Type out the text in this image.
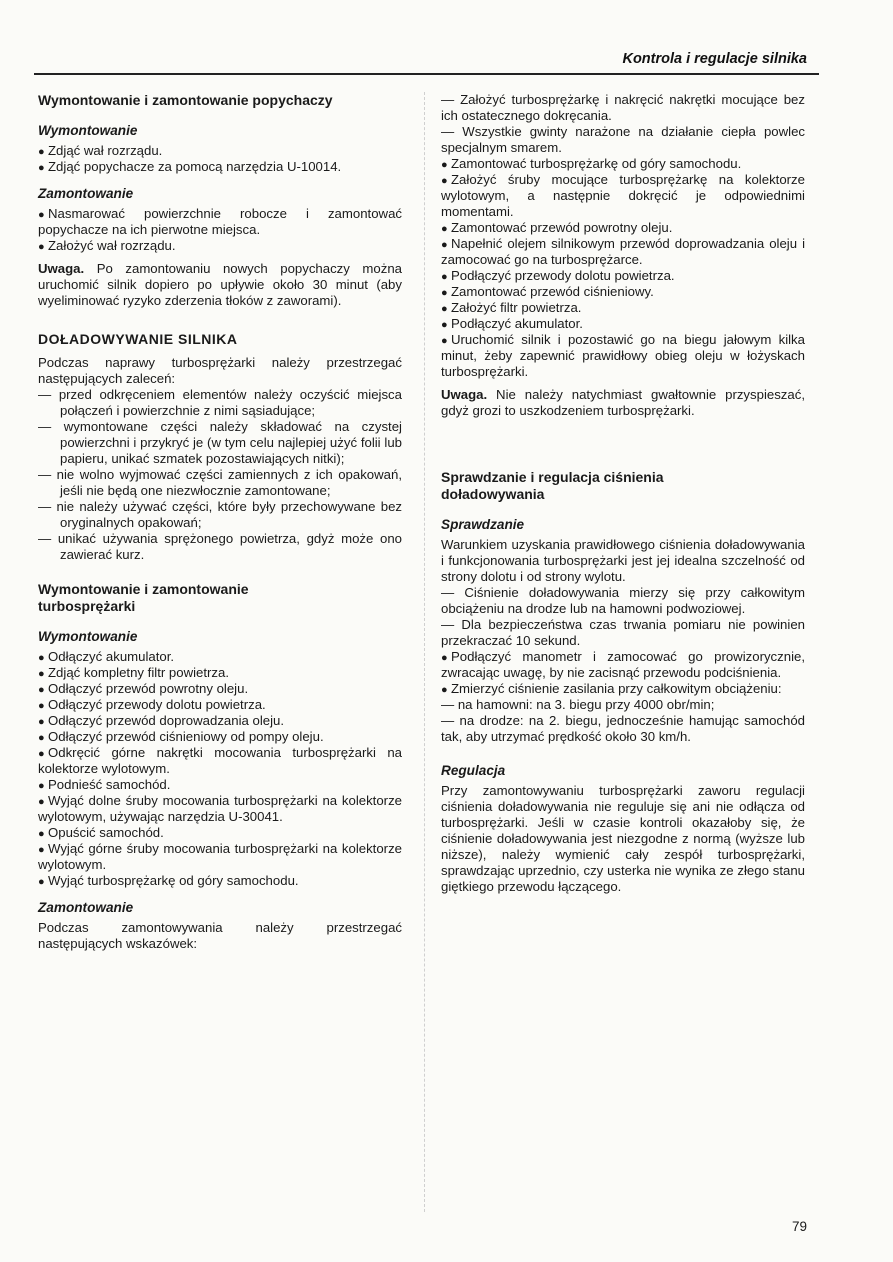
Kontrola i regulacje silnika
Wymontowanie i zamontowanie popychaczy
Wymontowanie

●Zdjąć wał rozrządu.

●Zdjąć popychacze za pomocą narzędzia U-10014.

Zamontowanie

●Nasmarować powierzchnie robocze i zamontować popychacze na ich pierwotne miejsca.

●Założyć wał rozrządu.

Uwaga. Po zamontowaniu nowych popychaczy można uruchomić silnik dopiero po upływie około 30 minut (aby wyeliminować ryzyko zderzenia tłoków z zaworami).

DOŁADOWYWANIE SILNIKA

Podczas naprawy turbosprężarki należy przestrzegać następujących zaleceń:

— przed odkręceniem elementów należy oczyścić miejsca połączeń i powierzchnie z nimi sąsiadujące;

— wymontowane części należy składować na czystej powierzchni i przykryć je (w tym celu najlepiej użyć folii lub papieru, unikać szmatek pozostawiających nitki);

— nie wolno wyjmować części zamiennych z ich opakowań, jeśli nie będą one niezwłocznie zamontowane;

— nie należy używać części, które były przechowywane bez oryginalnych opakowań;

— unikać używania sprężonego powietrza, gdyż może ono zawierać kurz.

Wymontowanie i zamontowanie turbosprężarki
Wymontowanie

●Odłączyć akumulator.

●Zdjąć kompletny filtr powietrza.

●Odłączyć przewód powrotny oleju.

●Odłączyć przewody dolotu powietrza.

●Odłączyć przewód doprowadzania oleju.

●Odłączyć przewód ciśnieniowy od pompy oleju.

●Odkręcić górne nakrętki mocowania turbosprężarki na kolektorze wylotowym.

●Podnieść samochód.

●Wyjąć dolne śruby mocowania turbosprężarki na kolektorze wylotowym, używając narzędzia U-30041.

●Opuścić samochód.

●Wyjąć górne śruby mocowania turbosprężarki na kolektorze wylotowym.

●Wyjąć turbosprężarkę od góry samochodu.

Zamontowanie

Podczas zamontowywania należy przestrzegać następujących wskazówek:

— Założyć turbosprężarkę i nakręcić nakrętki mocujące bez ich ostatecznego dokręcania.

— Wszystkie gwinty narażone na działanie ciepła powlec specjalnym smarem.

●Zamontować turbosprężarkę od góry samochodu.

●Założyć śruby mocujące turbosprężarkę na kolektorze wylotowym, a następnie dokręcić je odpowiednimi momentami.

●Zamontować przewód powrotny oleju.

●Napełnić olejem silnikowym przewód doprowadzania oleju i zamocować go na turbosprężarce.

●Podłączyć przewody dolotu powietrza.

●Zamontować przewód ciśnieniowy.

●Założyć filtr powietrza.

●Podłączyć akumulator.

●Uruchomić silnik i pozostawić go na biegu jałowym kilka minut, żeby zapewnić prawidłowy obieg oleju w łożyskach turbosprężarki.

Uwaga. Nie należy natychmiast gwałtownie przyspieszać, gdyż grozi to uszkodzeniem turbosprężarki.

Sprawdzanie i regulacja ciśnienia doładowywania
Sprawdzanie

Warunkiem uzyskania prawidłowego ciśnienia doładowywania i funkcjonowania turbosprężarki jest jej idealna szczelność od strony dolotu i od strony wylotu.

— Ciśnienie doładowywania mierzy się przy całkowitym obciążeniu na drodze lub na hamowni podwoziowej.

— Dla bezpieczeństwa czas trwania pomiaru nie powinien przekraczać 10 sekund.

●Podłączyć manometr i zamocować go prowizorycznie, zwracając uwagę, by nie zacisnąć przewodu podciśnienia.

●Zmierzyć ciśnienie zasilania przy całkowitym obciążeniu:

— na hamowni: na 3. biegu przy 4000 obr/min;

— na drodze: na 2. biegu, jednocześnie hamując samochód tak, aby utrzymać prędkość około 30 km/h.

Regulacja

Przy zamontowywaniu turbosprężarki zaworu regulacji ciśnienia doładowywania nie reguluje się ani nie odłącza od turbosprężarki. Jeśli w czasie kontroli okazałoby się, że ciśnienie doładowywania jest niezgodne z normą (wyższe lub niższe), należy wymienić cały zespół turbosprężarki, sprawdzając uprzednio, czy usterka nie wynika ze złego stanu giętkiego przewodu łączącego.

79
